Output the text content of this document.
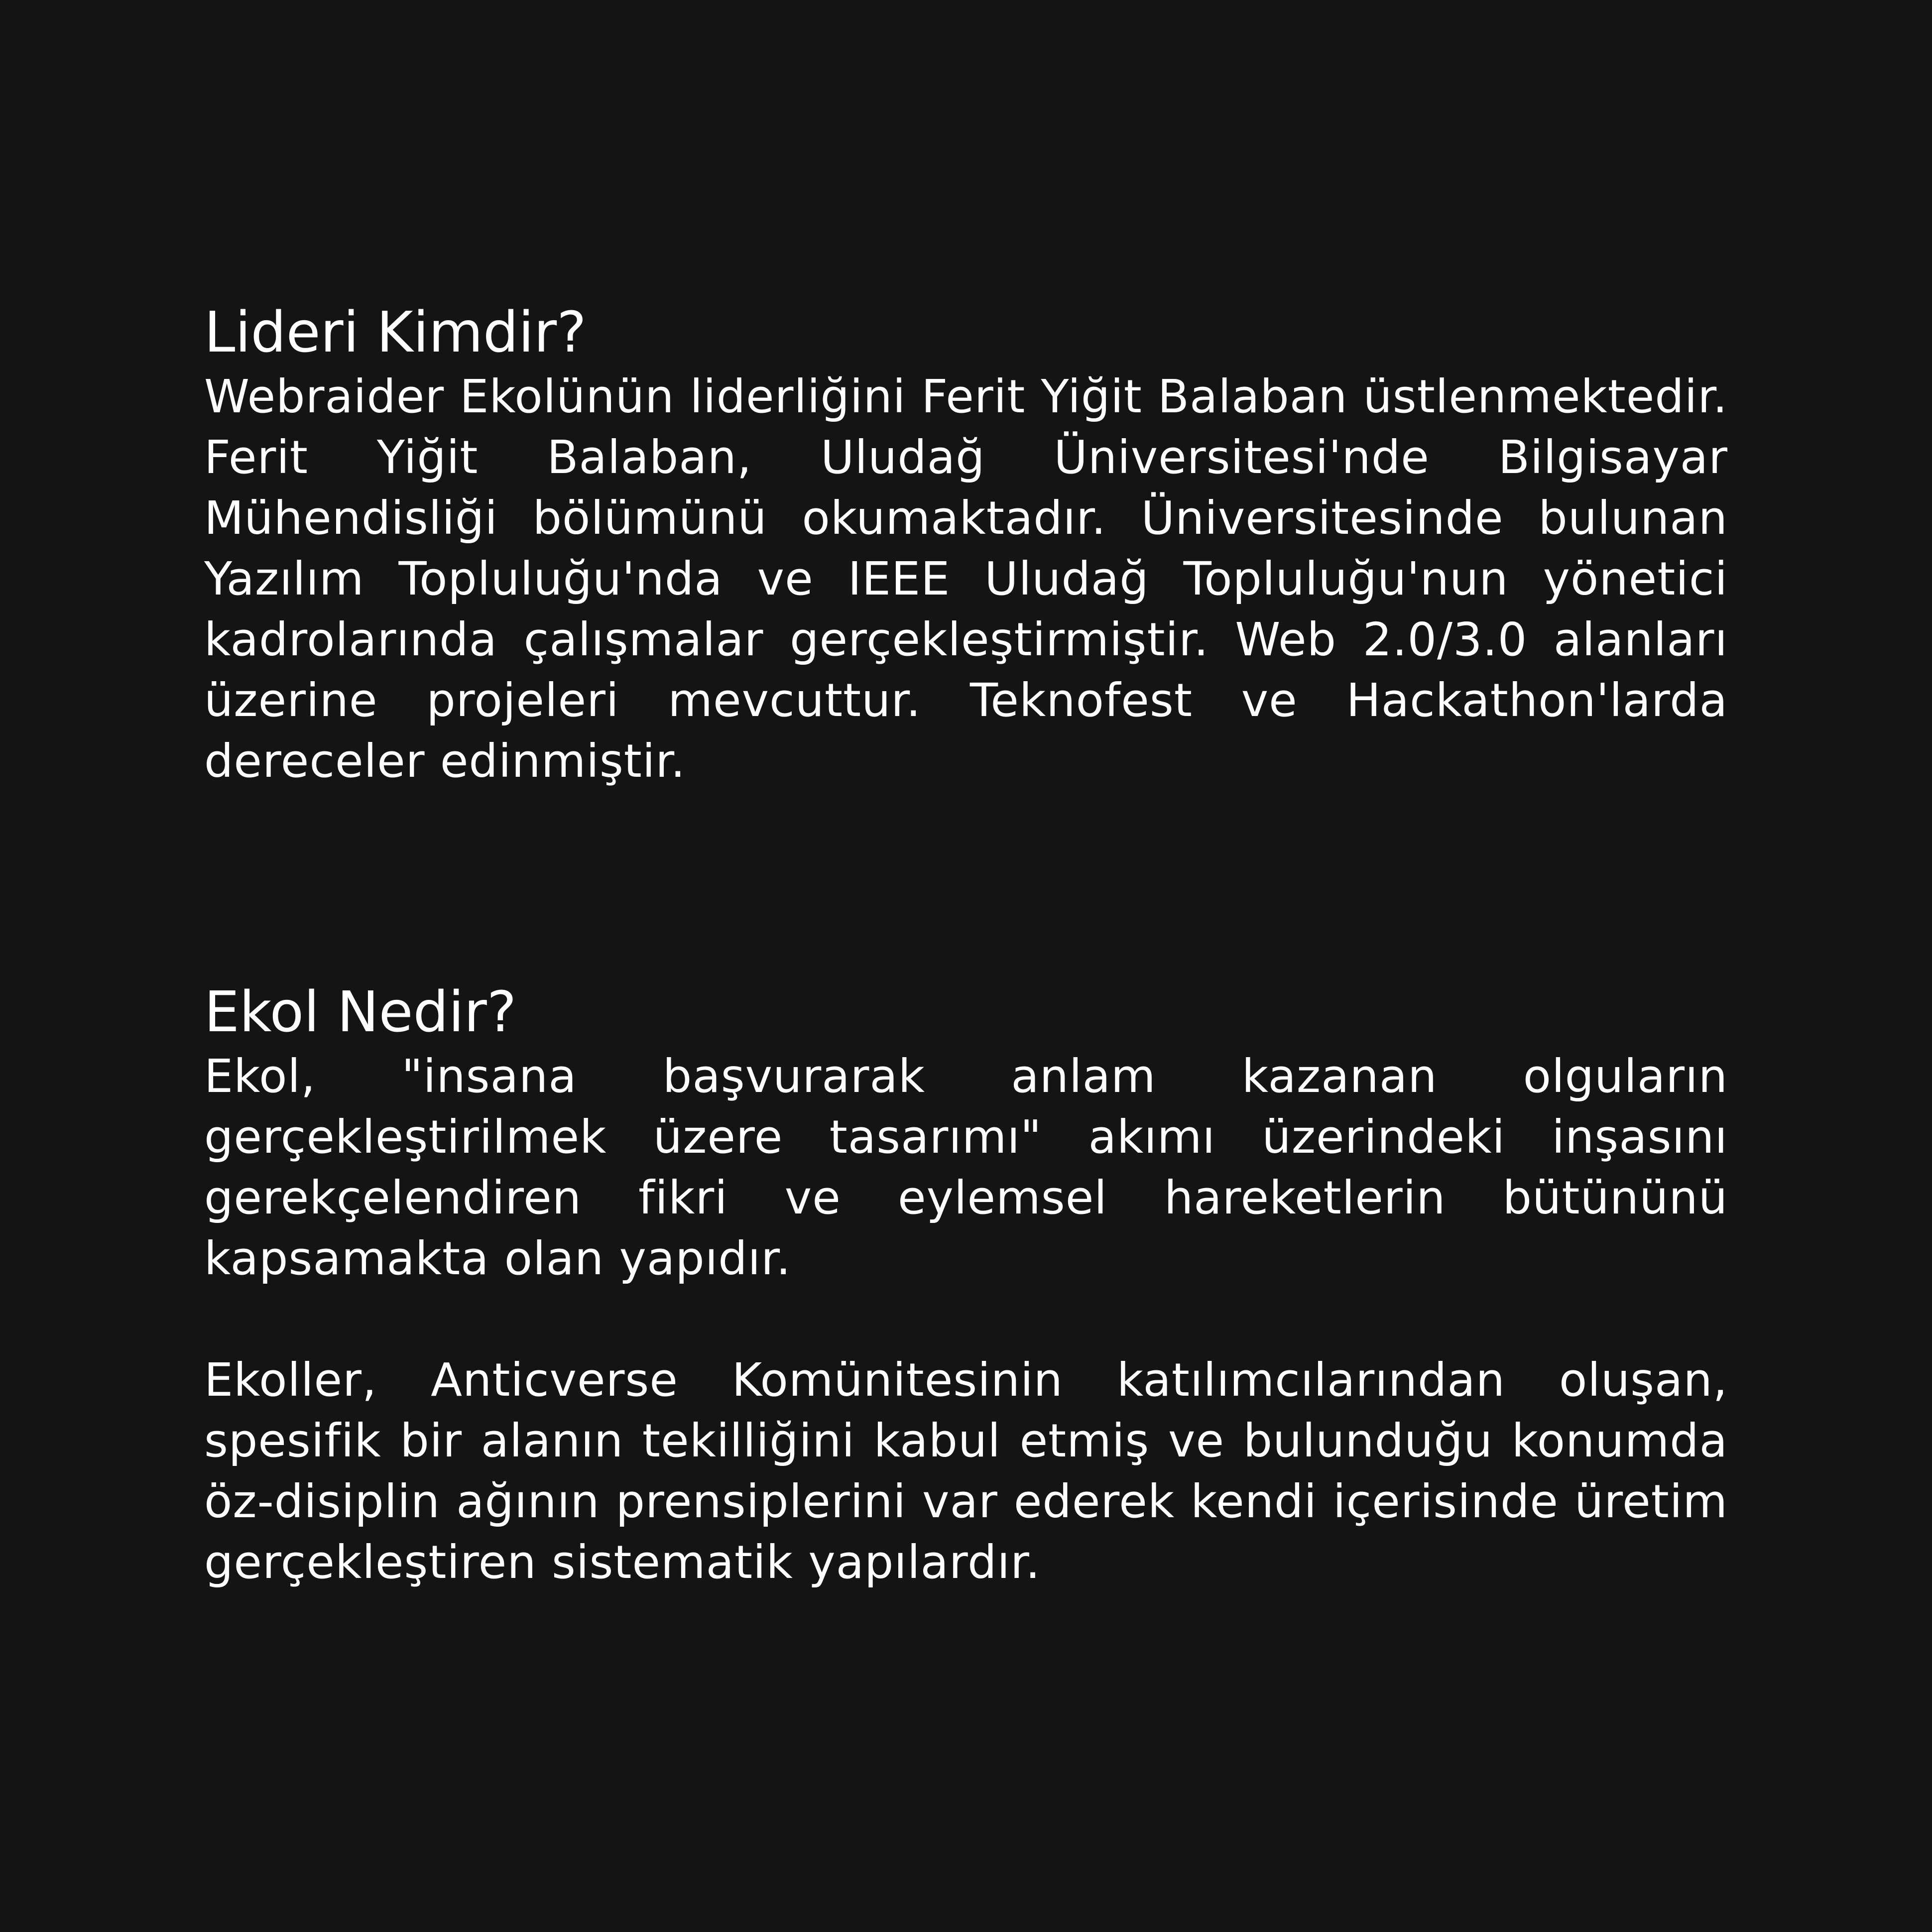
Lideri Kimdir?

Webraider Ekolünün liderliğini Ferit Yiğit Balaban üstlenmektedir. Ferit Yiğit Balaban, Uludağ Üniversitesi'nde Bilgisayar Mühendisliği bölümünü okumaktadır. Üniversitesinde bulunan Yazılım Topluluğu'nda ve IEEE Uludağ Topluluğu'nun yönetici kadrolarında çalışmalar gerçekleştirmiştir. Web 2.0/3.0 alanları üzerine projeleri mevcuttur. Teknofest ve Hackathon'larda dereceler edinmiştir.

Ekol Nedir?

Ekol, "insana başvurarak anlam kazanan olguların gerçekleştirilmek üzere tasarımı" akımı üzerindeki inşasını gerekçelendiren fikri ve eylemsel hareketlerin bütününü kapsamakta olan yapıdır.

Ekoller, Anticverse Komünitesinin katılımcılarından oluşan, spesifik bir alanın tekilliğini kabul etmiş ve bulunduğu konumda öz-disiplin ağının prensiplerini var ederek kendi içerisinde üretim gerçekleştiren sistematik yapılardır.
